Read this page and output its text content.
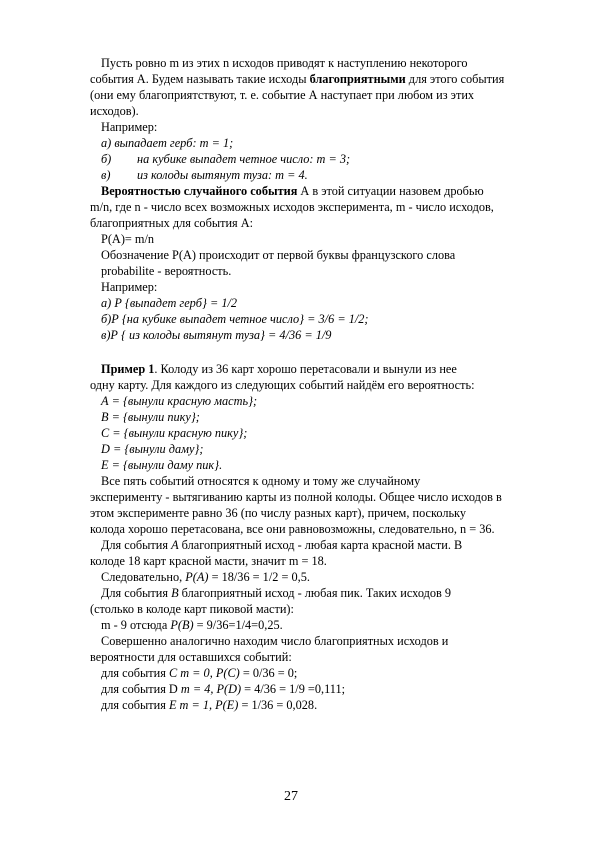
Пусть ровно m из этих n исходов приводят к наступлению некоторого
события А. Будем называть такие исходы благоприятными для этого события
(они ему благоприятствуют, т. е. событие А наступает при любом из этих
исходов).
Например:
а) выпадает герб: т = 1;
б) на кубике выпадет четное число: т = 3;
в) из колоды вытянут туза: т = 4.
Вероятностью случайного события А в этой ситуации назовем дробью
m/n, где n - число всех возможных исходов эксперимента, m - число исходов,
благоприятных для события А:
P(A)= m/n
Обозначение Р(А) происходит от первой буквы французского слова
probabilite - вероятность.
Например:
а) Р {выпадет герб} = 1/2
б)Р {на кубике выпадет четное число} = 3/6 = 1/2;
в)Р { из колоды вытянут туза} = 4/36 = 1/9
Пример 1. Колоду из 36 карт хорошо перетасовали и вынули из нее
одну карту. Для каждого из следующих событий найдём его вероятность:
А = {вынули красную масть};
В = {вынули пику};
С = {вынули красную пику};
D = {вынули даму};
Е = {вынули даму пик}.
Все пять событий относятся к одному и тому же случайному
эксперименту - вытягиванию карты из полной колоды. Общее число исходов в
этом эксперименте равно 36 (по числу разных карт), причем, поскольку
колода хорошо перетасована, все они равновозможны, следовательно, n = 36.
Для события А благоприятный исход - любая карта красной масти. В
колоде 18 карт красной масти, значит m = 18.
Следовательно, Р(А) = 18/36 = 1/2 = 0,5.
Для события В благоприятный исход - любая пик. Таких исходов 9
(столько в колоде карт пиковой масти):
m - 9 отсюда Р(В) = 9/36=1/4=0,25.
Совершенно аналогично находим число благоприятных исходов и
вероятности для оставшихся событий:
для события С т = 0, Р(С) = 0/36 = 0;
для события D т = 4, Р(D) = 4/36 = 1/9 =0,111;
для события Е т = 1, Р(Е) = 1/36 = 0,028.
27
